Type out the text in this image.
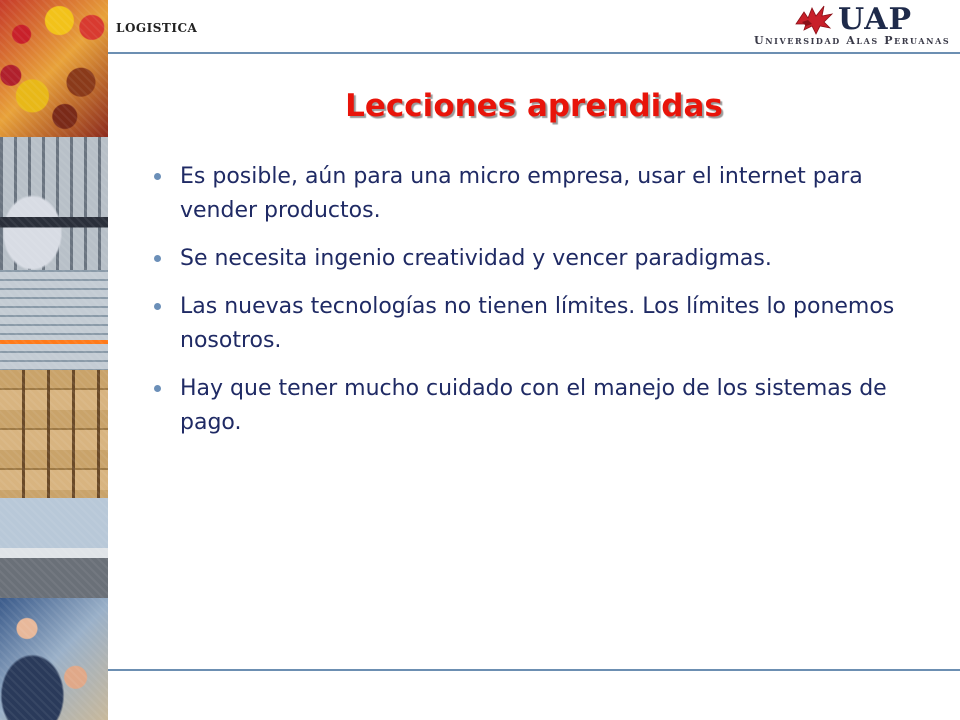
LOGISTICA	UAP
Universidad Alas Peruanas
Lecciones aprendidas
Es posible, aún para una micro empresa, usar el internet para vender productos.
Se necesita ingenio creatividad y vencer paradigmas.
Las nuevas tecnologías no tienen límites. Los límites lo ponemos nosotros.
Hay que tener mucho cuidado con el manejo de los sistemas de pago.
